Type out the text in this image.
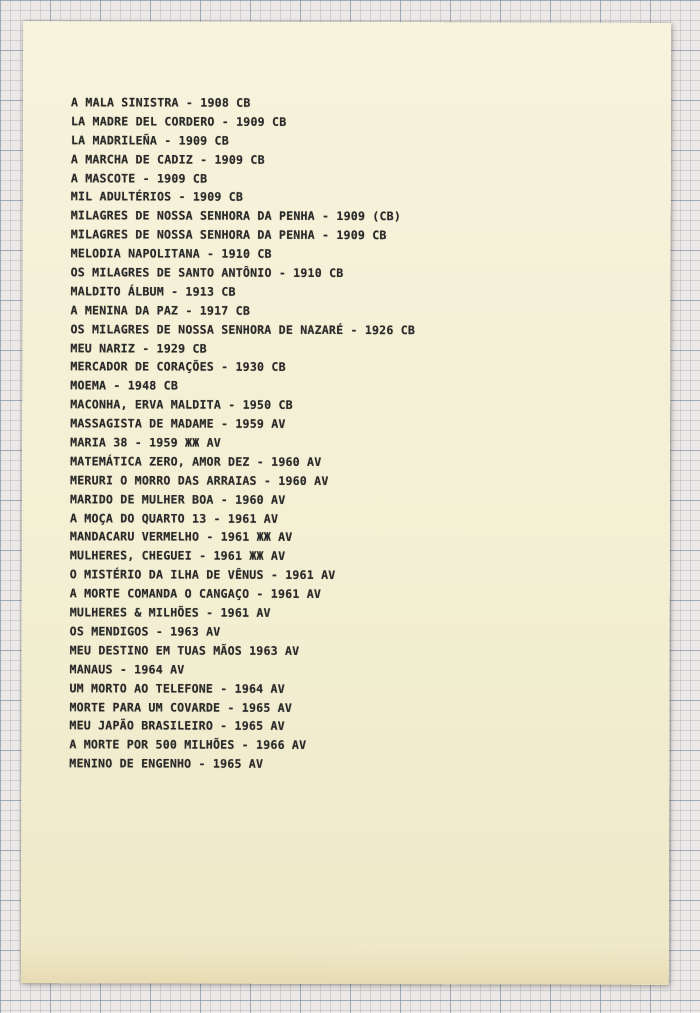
A MALA SINISTRA - 1908 CB
LA MADRE DEL CORDERO - 1909 CB
LA MADRILEÑA - 1909 CB
A MARCHA DE CADIZ - 1909 CB
A MASCOTE - 1909 CB
MIL ADULTÉRIOS - 1909 CB
MILAGRES DE NOSSA SENHORA DA PENHA - 1909 (CB)
MILAGRES DE NOSSA SENHORA DA PENHA - 1909 CB
MELODIA NAPOLITANA - 1910 CB
OS MILAGRES DE SANTO ANTÔNIO - 1910 CB
MALDITO ÁLBUM - 1913 CB
A MENINA DA PAZ - 1917 CB
OS MILAGRES DE NOSSA SENHORA DE NAZARÉ - 1926 CB
MEU NARIZ - 1929 CB
MERCADOR DE CORAÇÕES - 1930 CB
MOEMA - 1948 CB
MACONHA, ERVA MALDITA - 1950 CB
MASSAGISTA DE MADAME - 1959 AV
MARIA 38 - 1959 ЖЖ AV
MATEMÁTICA ZERO, AMOR DEZ - 1960 AV
MERURI O MORRO DAS ARRAIAS - 1960 AV
MARIDO DE MULHER BOA - 1960 AV
A MOÇA DO QUARTO 13 - 1961 AV
MANDACARU VERMELHO - 1961 ЖЖ AV
MULHERES, CHEGUEI - 1961 ЖЖ AV
O MISTÉRIO DA ILHA DE VÊNUS - 1961 AV
A MORTE COMANDA O CANGAÇO - 1961 AV
MULHERES & MILHÕES - 1961 AV
OS MENDIGOS - 1963 AV
MEU DESTINO EM TUAS MÃOS 1963 AV
MANAUS - 1964 AV
UM MORTO AO TELEFONE - 1964 AV
MORTE PARA UM COVARDE - 1965 AV
MEU JAPÃO BRASILEIRO - 1965 AV
A MORTE POR 500 MILHÕES - 1966 AV
MENINO DE ENGENHO - 1965 AV
